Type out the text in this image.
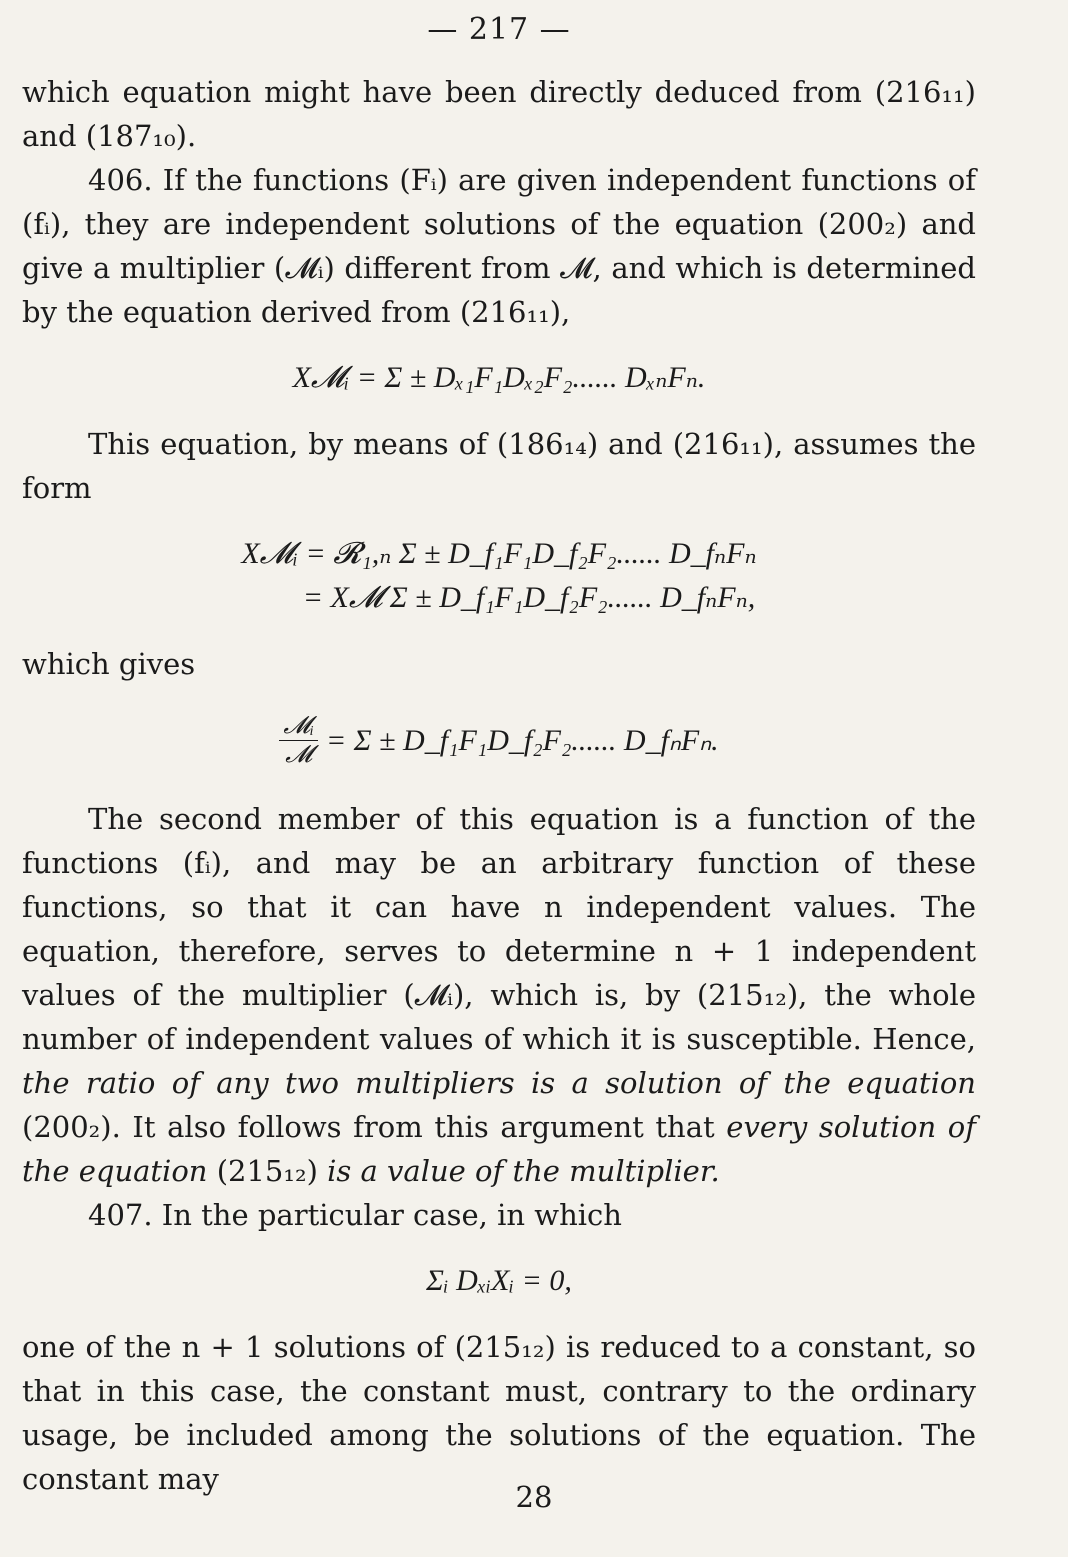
— 217 —

which equation might have been directly deduced from (216₁₁) and (187₁₀).

406. If the functions (Fᵢ) are given independent functions of (fᵢ), they are independent solutions of the equation (200₂) and give a multiplier (𝓜ᵢ) different from 𝓜, and which is determined by the equation derived from (216₁₁),

X𝓜ᵢ = Σ ± Dₓ₁F₁Dₓ₂F₂...... DₓₙFₙ.

This equation, by means of (186₁₄) and (216₁₁), assumes the form

X𝓜ᵢ = 𝓡₁,ₙ Σ ± D_f₁F₁D_f₂F₂...... D_fₙFₙ
= X𝓜 Σ ± D_f₁F₁D_f₂F₂...... D_fₙFₙ,

which gives

$\frac{\text{𝓜ᵢ}}{\text{𝓜}} = \Sigma$ ± D_f₁F₁D_f₂F₂...... D_fₙFₙ.

The second member of this equation is a function of the functions (fᵢ), and may be an arbitrary function of these functions, so that it can have n independent values. The equation, therefore, serves to determine n + 1 independent values of the multiplier (𝓜ᵢ), which is, by (215₁₂), the whole number of independent values of which it is susceptible. Hence, the ratio of any two multipliers is a solution of the equation (200₂). It also follows from this argument that every solution of the equation (215₁₂) is a value of the multiplier.

407. In the particular case, in which

Σᵢ DₓᵢXᵢ = 0,

one of the n + 1 solutions of (215₁₂) is reduced to a constant, so that in this case, the constant must, contrary to the ordinary usage, be included among the solutions of the equation. The constant may

28
